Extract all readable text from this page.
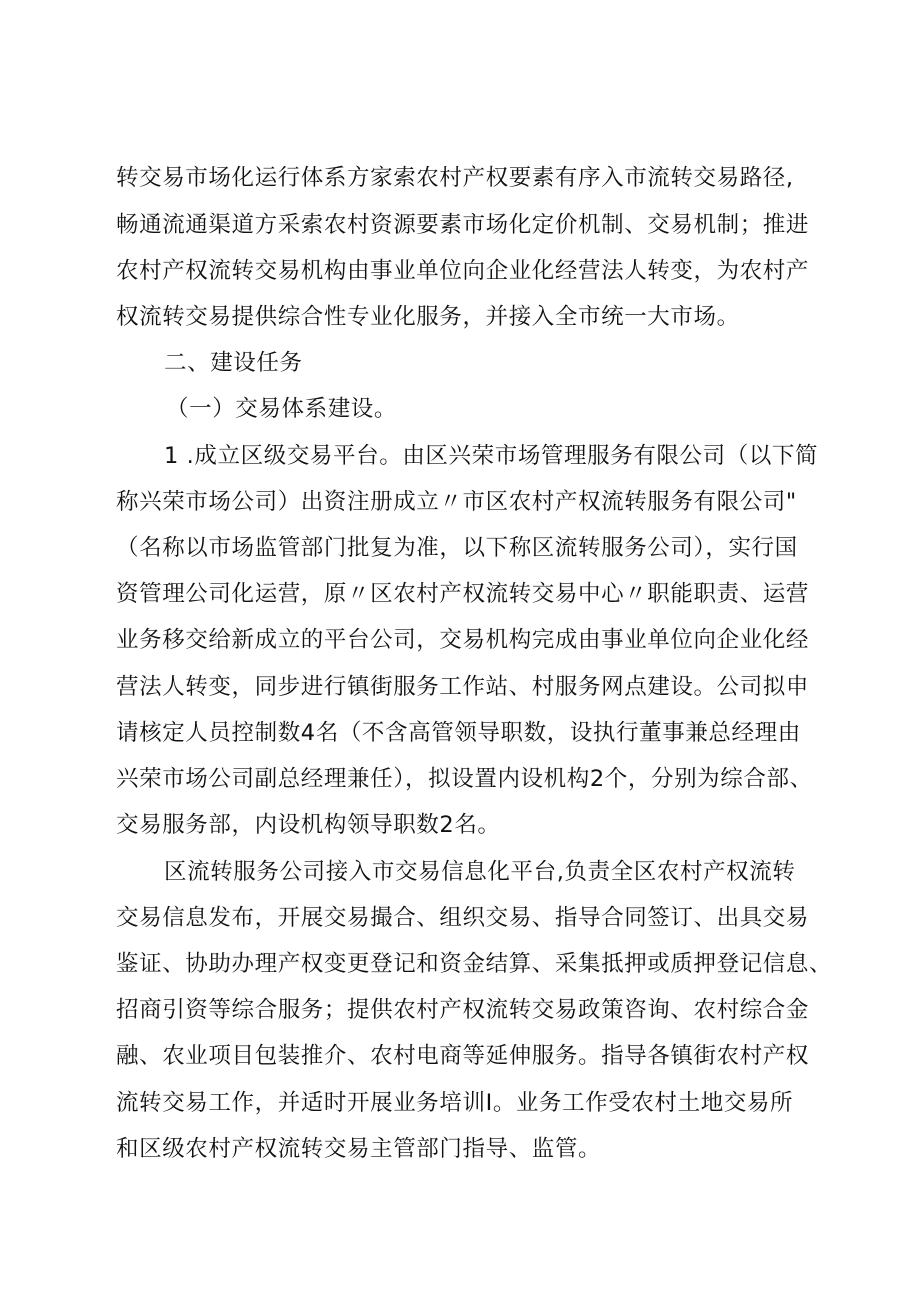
转交易市场化运行体系方家索农村产权要素有序入市流转交易路径,
畅通流通渠道方采索农村资源要素市场化定价机制、交易机制；推进
农村产权流转交易机构由事业单位向企业化经营法人转变，为农村产
权流转交易提供综合性专业化服务，并接入全市统一大市场。
二、建设任务
（一）交易体系建设。
1 .成立区级交易平台。由区兴荣市场管理服务有限公司（以下简
称兴荣市场公司）出资注册成立〃市区农村产权流转服务有限公司"
（名称以市场监管部门批复为准，以下称区流转服务公司），实行国
资管理公司化运营，原〃区农村产权流转交易中心〃职能职责、运营
业务移交给新成立的平台公司，交易机构完成由事业单位向企业化经
营法人转变，同步进行镇街服务工作站、村服务网点建设。公司拟申
请核定人员控制数4名（不含高管领导职数，设执行董事兼总经理由
兴荣市场公司副总经理兼任），拟设置内设机构2个，分别为综合部、
交易服务部，内设机构领导职数2名。
区流转服务公司接入市交易信息化平台,负责全区农村产权流转
交易信息发布，开展交易撮合、组织交易、指导合同签订、出具交易
鉴证、协助办理产权变更登记和资金结算、采集抵押或质押登记信息、
招商引资等综合服务；提供农村产权流转交易政策咨询、农村综合金
融、农业项目包装推介、农村电商等延伸服务。指导各镇街农村产权
流转交易工作，并适时开展业务培训I。业务工作受农村土地交易所
和区级农村产权流转交易主管部门指导、监管。
